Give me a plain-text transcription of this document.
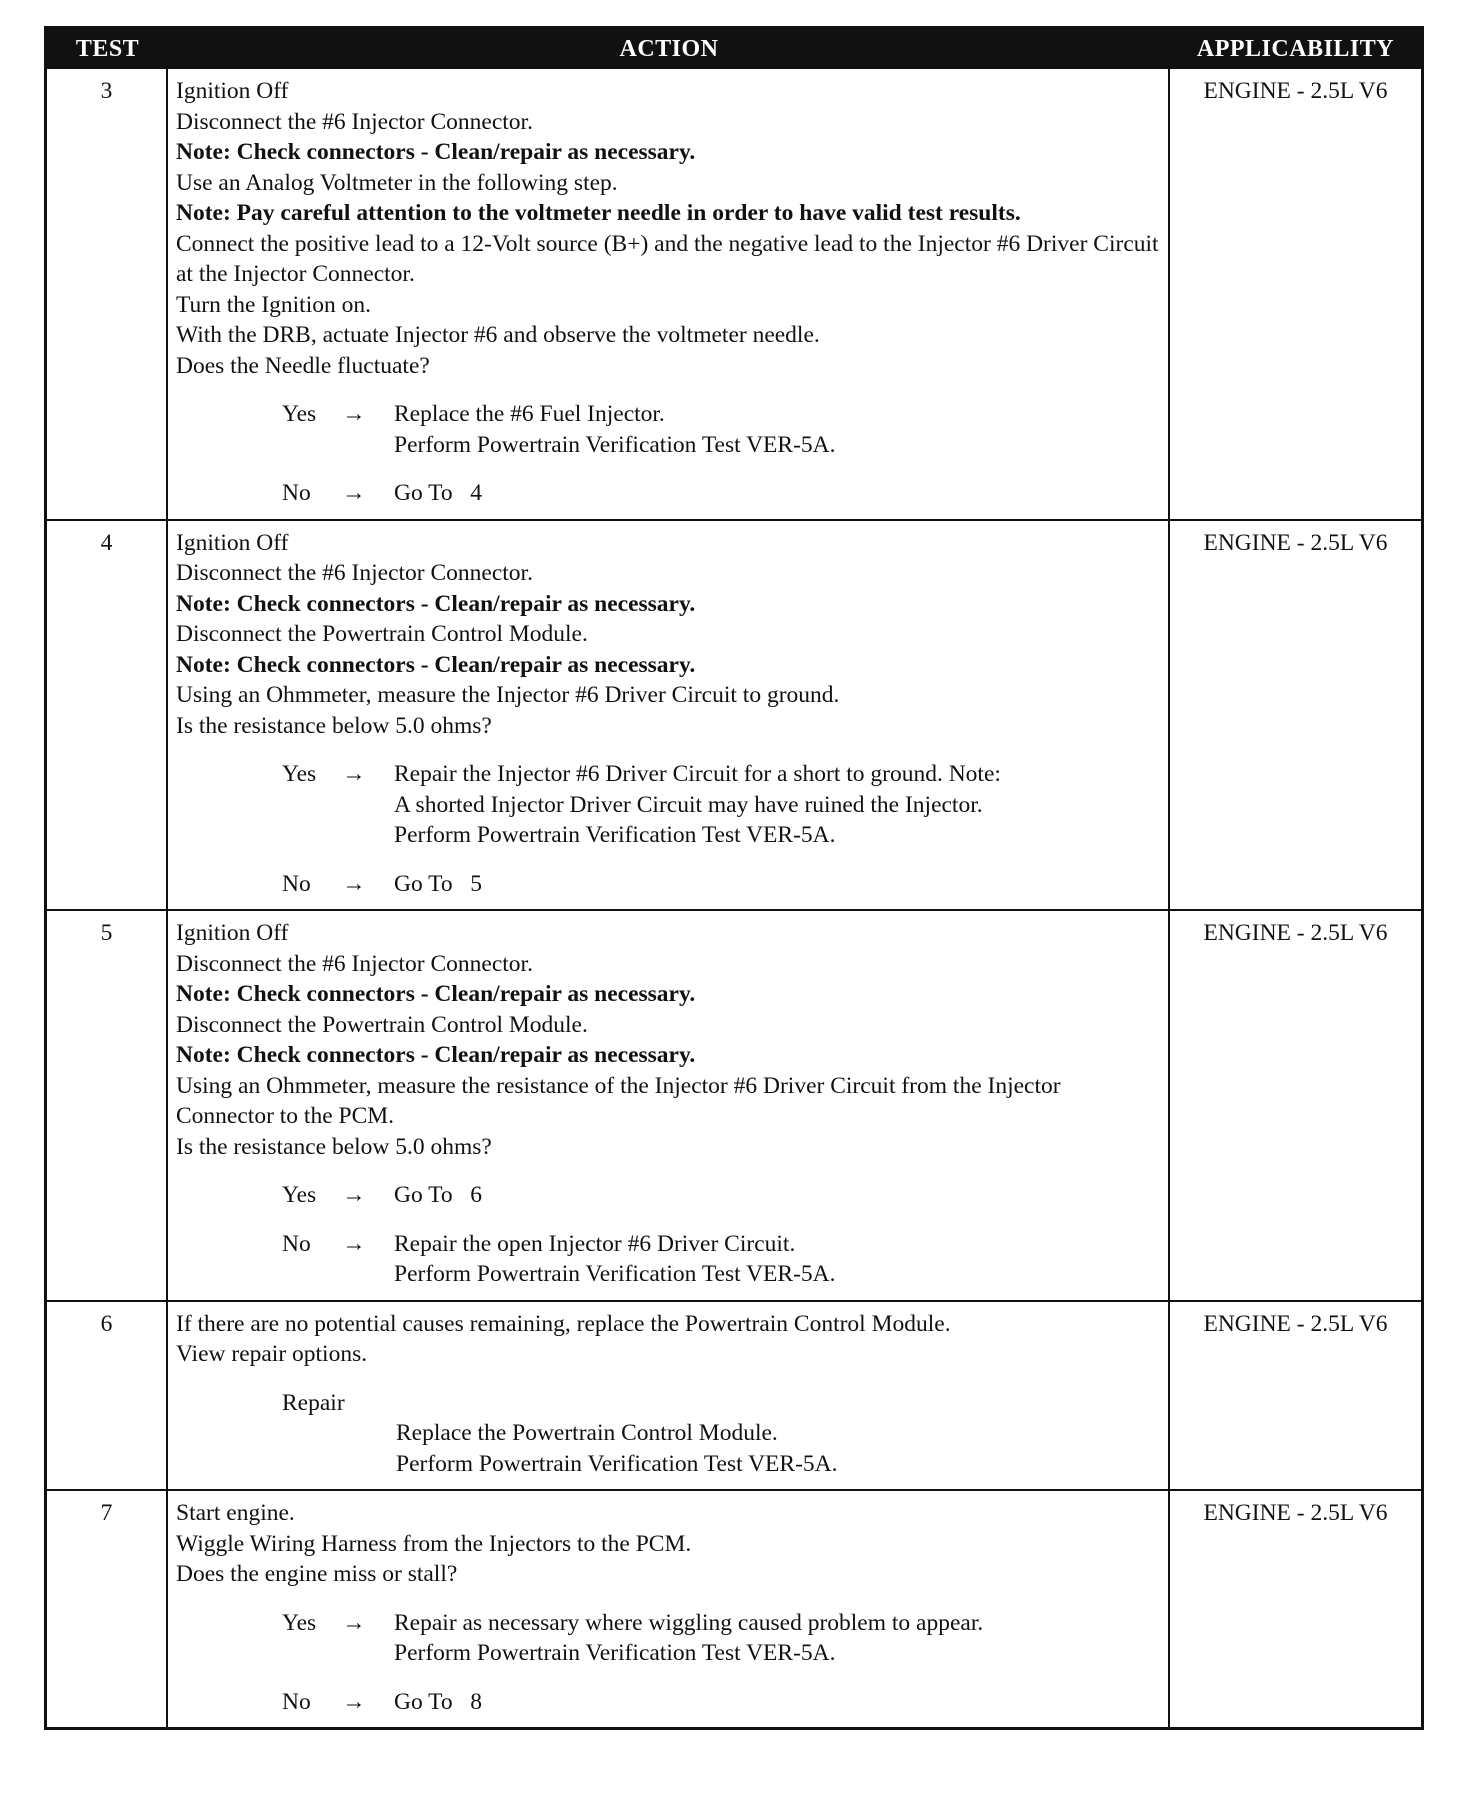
TEST	ACTION	APPLICABILITY
3	Ignition Off
Disconnect the #6 Injector Connector.
Note: Check connectors - Clean/repair as necessary.
Use an Analog Voltmeter in the following step.
Note: Pay careful attention to the voltmeter needle in order to have valid test results.
Connect the positive lead to a 12-Volt source (B+) and the negative lead to the Injector #6 Driver Circuit at the Injector Connector.
Turn the Ignition on.
With the DRB, actuate Injector #6 and observe the voltmeter needle.
Does the Needle fluctuate?
Yes	→	Replace the #6 Fuel Injector.
Perform Powertrain Verification Test VER-5A.
No	→	Go To   4
ENGINE - 2.5L V6
4	Ignition Off
Disconnect the #6 Injector Connector.
Note: Check connectors - Clean/repair as necessary.
Disconnect the Powertrain Control Module.
Note: Check connectors - Clean/repair as necessary.
Using an Ohmmeter, measure the Injector #6 Driver Circuit to ground.
Is the resistance below 5.0 ohms?
Yes	→	Repair the Injector #6 Driver Circuit for a short to ground. Note:
A shorted Injector Driver Circuit may have ruined the Injector.
Perform Powertrain Verification Test VER-5A.
No	→	Go To   5
ENGINE - 2.5L V6
5	Ignition Off
Disconnect the #6 Injector Connector.
Note: Check connectors - Clean/repair as necessary.
Disconnect the Powertrain Control Module.
Note: Check connectors - Clean/repair as necessary.
Using an Ohmmeter, measure the resistance of the Injector #6 Driver Circuit from the Injector Connector to the PCM.
Is the resistance below 5.0 ohms?
Yes	→	Go To   6
No	→	Repair the open Injector #6 Driver Circuit.
Perform Powertrain Verification Test VER-5A.
ENGINE - 2.5L V6
6	If there are no potential causes remaining, replace the Powertrain Control Module.
View repair options.
Repair
Replace the Powertrain Control Module.
Perform Powertrain Verification Test VER-5A.
ENGINE - 2.5L V6
7	Start engine.
Wiggle Wiring Harness from the Injectors to the PCM.
Does the engine miss or stall?
Yes	→	Repair as necessary where wiggling caused problem to appear.
Perform Powertrain Verification Test VER-5A.
No	→	Go To   8
ENGINE - 2.5L V6
